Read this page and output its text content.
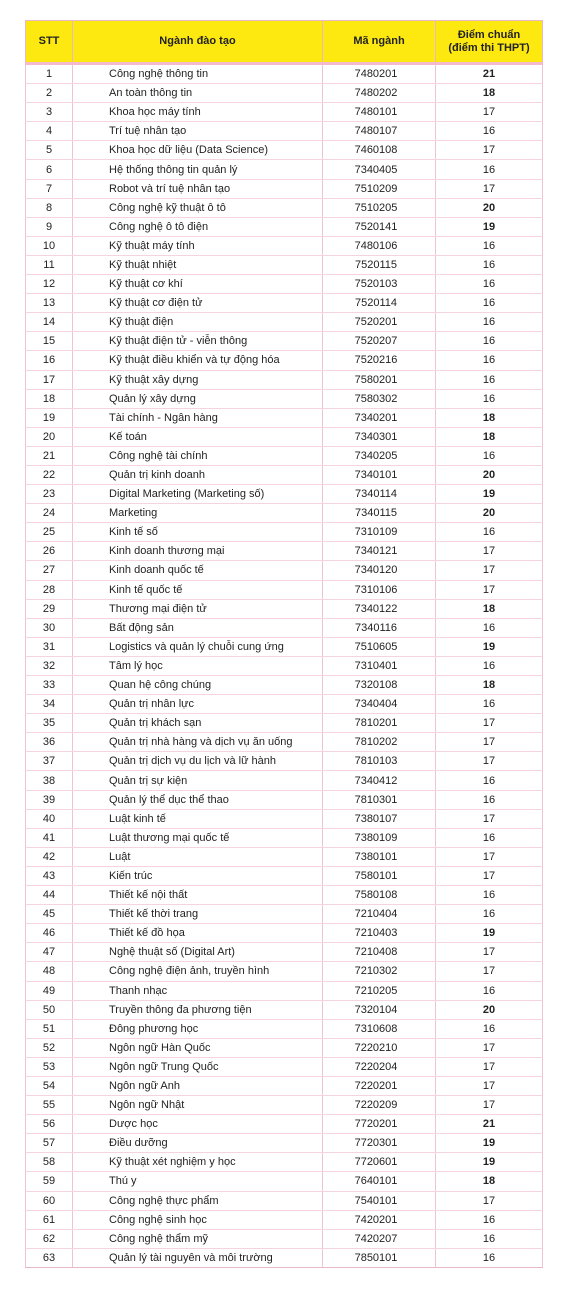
STT	Ngành đào tạo	Mã ngành	Điểm chuẩn
(điểm thi THPT)

1	Công nghệ thông tin	7480201	21
2	An toàn thông tin	7480202	18
3	Khoa học máy tính	7480101	17
4	Trí tuệ nhân tạo	7480107	16
5	Khoa học dữ liệu (Data Science)	7460108	17
6	Hệ thống thông tin quản lý	7340405	16
7	Robot và trí tuệ nhân tạo	7510209	17
8	Công nghệ kỹ thuật ô tô	7510205	20
9	Công nghệ ô tô điện	7520141	19
10	Kỹ thuật máy tính	7480106	16
11	Kỹ thuật nhiệt	7520115	16
12	Kỹ thuật cơ khí	7520103	16
13	Kỹ thuật cơ điện tử	7520114	16
14	Kỹ thuật điện	7520201	16
15	Kỹ thuật điện tử - viễn thông	7520207	16
16	Kỹ thuật điều khiển và tự động hóa	7520216	16
17	Kỹ thuật xây dựng	7580201	16
18	Quản lý xây dựng	7580302	16
19	Tài chính - Ngân hàng	7340201	18
20	Kế toán	7340301	18
21	Công nghệ tài chính	7340205	16
22	Quản trị kinh doanh	7340101	20
23	Digital Marketing (Marketing số)	7340114	19
24	Marketing	7340115	20
25	Kinh tế số	7310109	16
26	Kinh doanh thương mại	7340121	17
27	Kinh doanh quốc tế	7340120	17
28	Kinh tế quốc tế	7310106	17
29	Thương mại điện tử	7340122	18
30	Bất động sản	7340116	16
31	Logistics và quản lý chuỗi cung ứng	7510605	19
32	Tâm lý học	7310401	16
33	Quan hệ công chúng	7320108	18
34	Quản trị nhân lực	7340404	16
35	Quản trị khách sạn	7810201	17
36	Quản trị nhà hàng và dịch vụ ăn uống	7810202	17
37	Quản trị dịch vụ du lịch và lữ hành	7810103	17
38	Quản trị sự kiện	7340412	16
39	Quản lý thể dục thể thao	7810301	16
40	Luật kinh tế	7380107	17
41	Luật thương mại quốc tế	7380109	16
42	Luật	7380101	17
43	Kiến trúc	7580101	17
44	Thiết kế nội thất	7580108	16
45	Thiết kế thời trang	7210404	16
46	Thiết kế đồ họa	7210403	19
47	Nghệ thuật số (Digital Art)	7210408	17
48	Công nghệ điện ảnh, truyền hình	7210302	17
49	Thanh nhạc	7210205	16
50	Truyền thông đa phương tiện	7320104	20
51	Đông phương học	7310608	16
52	Ngôn ngữ Hàn Quốc	7220210	17
53	Ngôn ngữ Trung Quốc	7220204	17
54	Ngôn ngữ Anh	7220201	17
55	Ngôn ngữ Nhật	7220209	17
56	Dược học	7720201	21
57	Điều dưỡng	7720301	19
58	Kỹ thuật xét nghiệm y học	7720601	19
59	Thú y	7640101	18
60	Công nghệ thực phẩm	7540101	17
61	Công nghệ sinh học	7420201	16
62	Công nghệ thẩm mỹ	7420207	16
63	Quản lý tài nguyên và môi trường	7850101	16
